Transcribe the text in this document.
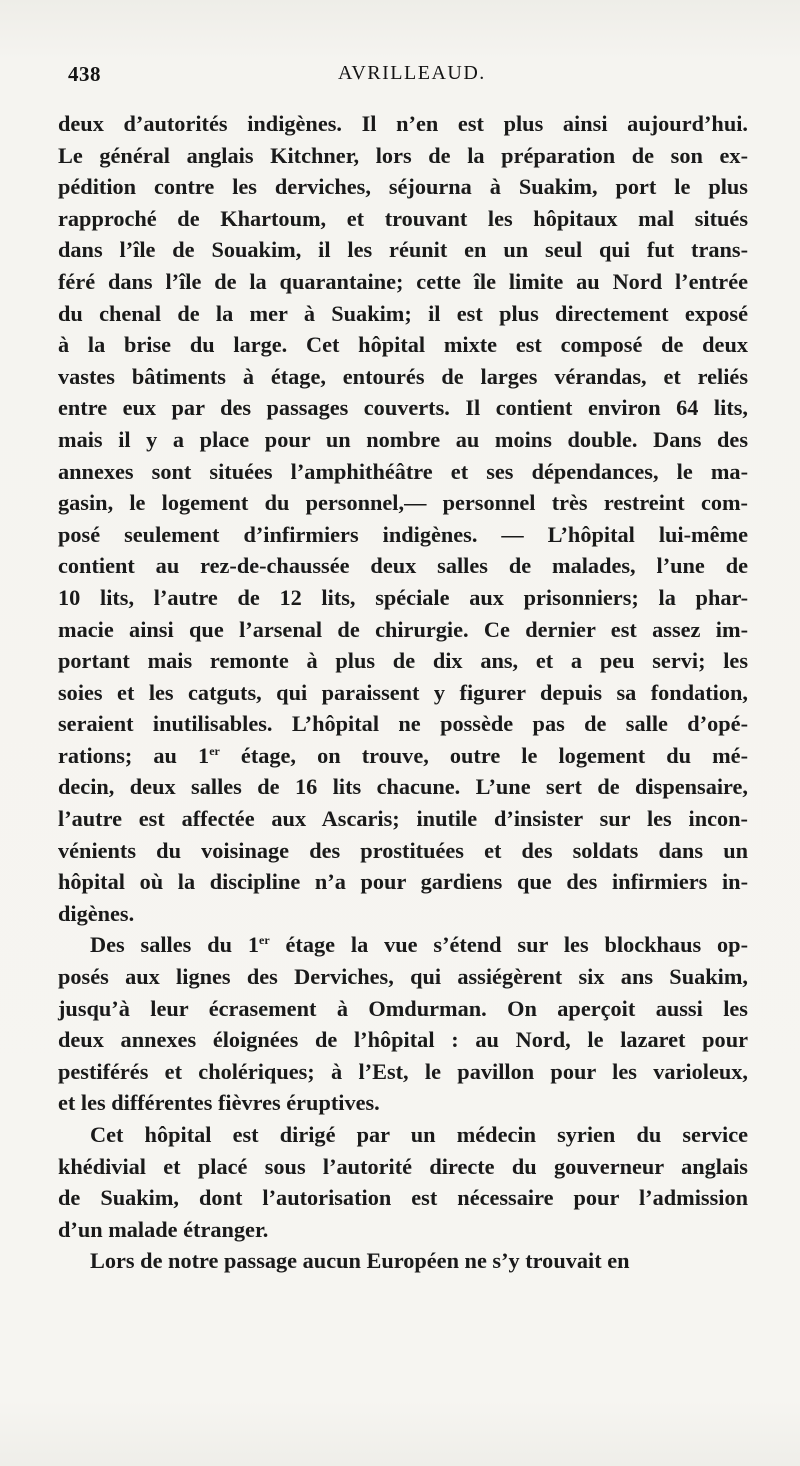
438	AVRILLEAUD.
deux d’autorités indigènes. Il n’en est plus ainsi aujourd’hui.
Le général anglais Kitchner, lors de la préparation de son ex-
pédition contre les derviches, séjourna à Suakim, port le plus
rapproché de Khartoum, et trouvant les hôpitaux mal situés
dans l’île de Souakim, il les réunit en un seul qui fut trans-
féré dans l’île de la quarantaine; cette île limite au Nord l’entrée
du chenal de la mer à Suakim; il est plus directement exposé
à la brise du large. Cet hôpital mixte est composé de deux
vastes bâtiments à étage, entourés de larges vérandas, et reliés
entre eux par des passages couverts. Il contient environ 64 lits,
mais il y a place pour un nombre au moins double. Dans des
annexes sont situées l’amphithéâtre et ses dépendances, le ma-
gasin, le logement du personnel,— personnel très restreint com-
posé seulement d’infirmiers indigènes. — L’hôpital lui-même
contient au rez-de-chaussée deux salles de malades, l’une de
10 lits, l’autre de 12 lits, spéciale aux prisonniers; la phar-
macie ainsi que l’arsenal de chirurgie. Ce dernier est assez im-
portant mais remonte à plus de dix ans, et a peu servi; les
soies et les catguts, qui paraissent y figurer depuis sa fondation,
seraient inutilisables. L’hôpital ne possède pas de salle d’opé-
rations; au 1er étage, on trouve, outre le logement du mé-
decin, deux salles de 16 lits chacune. L’une sert de dispensaire,
l’autre est affectée aux Ascaris; inutile d’insister sur les incon-
vénients du voisinage des prostituées et des soldats dans un
hôpital où la discipline n’a pour gardiens que des infirmiers in-
digènes.
Des salles du 1er étage la vue s’étend sur les blockhaus op-
posés aux lignes des Derviches, qui assiégèrent six ans Suakim,
jusqu’à leur écrasement à Omdurman. On aperçoit aussi les
deux annexes éloignées de l’hôpital : au Nord, le lazaret pour
pestiférés et cholériques; à l’Est, le pavillon pour les varioleux,
et les différentes fièvres éruptives.
Cet hôpital est dirigé par un médecin syrien du service
khédivial et placé sous l’autorité directe du gouverneur anglais
de Suakim, dont l’autorisation est nécessaire pour l’admission
d’un malade étranger.
Lors de notre passage aucun Européen ne s’y trouvait en
